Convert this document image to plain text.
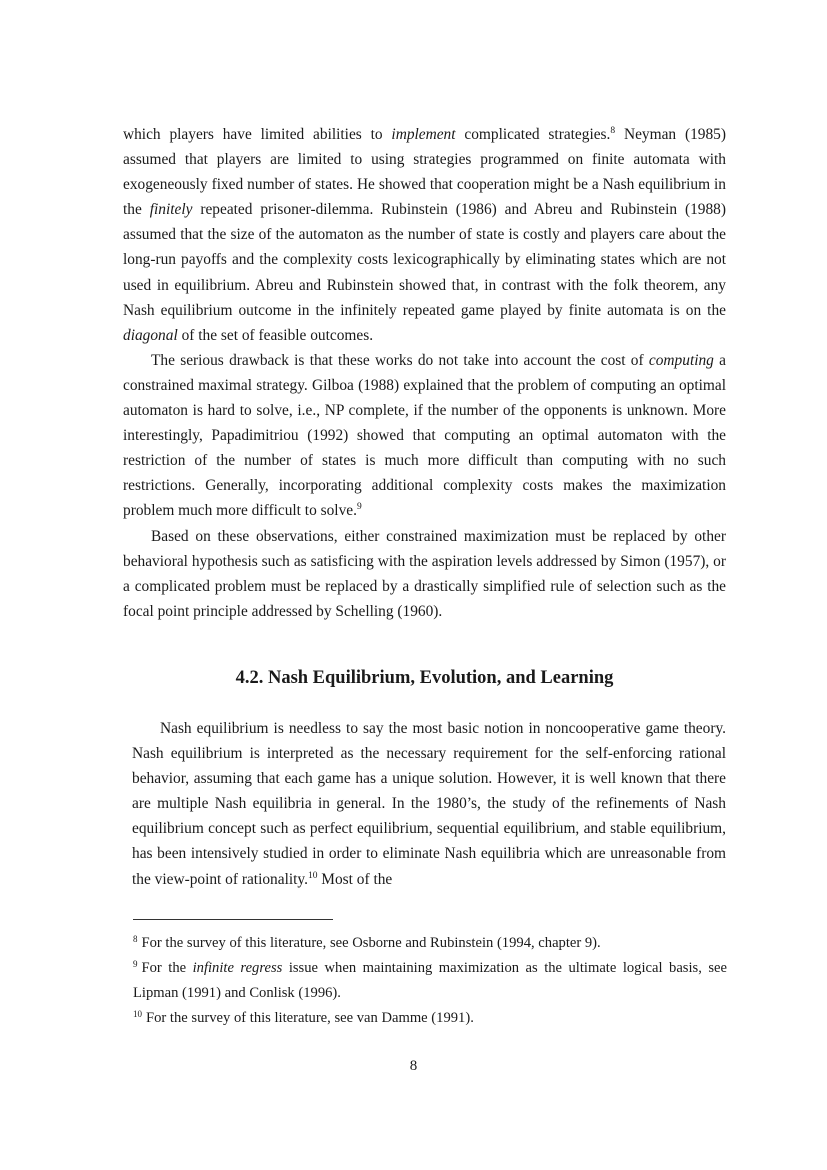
which players have limited abilities to implement complicated strategies.$^8$ Neyman (1985) assumed that players are limited to using strategies programmed on finite automata with exogeneously fixed number of states. He showed that cooperation might be a Nash equilibrium in the finitely repeated prisoner-dilemma. Rubinstein (1986) and Abreu and Rubinstein (1988) assumed that the size of the automaton as the number of state is costly and players care about the long-run payoffs and the complexity costs lexicographically by eliminating states which are not used in equilibrium. Abreu and Rubinstein showed that, in contrast with the folk theorem, any Nash equilibrium outcome in the infinitely repeated game played by finite automata is on the diagonal of the set of feasible outcomes.

The serious drawback is that these works do not take into account the cost of computing a constrained maximal strategy. Gilboa (1988) explained that the problem of computing an optimal automaton is hard to solve, i.e., NP complete, if the number of the opponents is unknown. More interestingly, Papadimitriou (1992) showed that computing an optimal automaton with the restriction of the number of states is much more difficult than computing with no such restrictions. Generally, incorporating additional complexity costs makes the maximization problem much more difficult to solve.$^9$

Based on these observations, either constrained maximization must be replaced by other behavioral hypothesis such as satisficing with the aspiration levels addressed by Simon (1957), or a complicated problem must be replaced by a drastically simplified rule of selection such as the focal point principle addressed by Schelling (1960).

4.2. Nash Equilibrium, Evolution, and Learning

Nash equilibrium is needless to say the most basic notion in noncooperative game theory. Nash equilibrium is interpreted as the necessary requirement for the self-enforcing rational behavior, assuming that each game has a unique solution. However, it is well known that there are multiple Nash equilibria in general. In the 1980’s, the study of the refinements of Nash equilibrium concept such as perfect equilibrium, sequential equilibrium, and stable equilibrium, has been intensively studied in order to eliminate Nash equilibria which are unreasonable from the view-point of rationality.$^{10}$ Most of the

$^8$ For the survey of this literature, see Osborne and Rubinstein (1994, chapter 9).

$^9$ For the infinite regress issue when maintaining maximization as the ultimate logical basis, see Lipman (1991) and Conlisk (1996).

$^{10}$ For the survey of this literature, see van Damme (1991).

8
